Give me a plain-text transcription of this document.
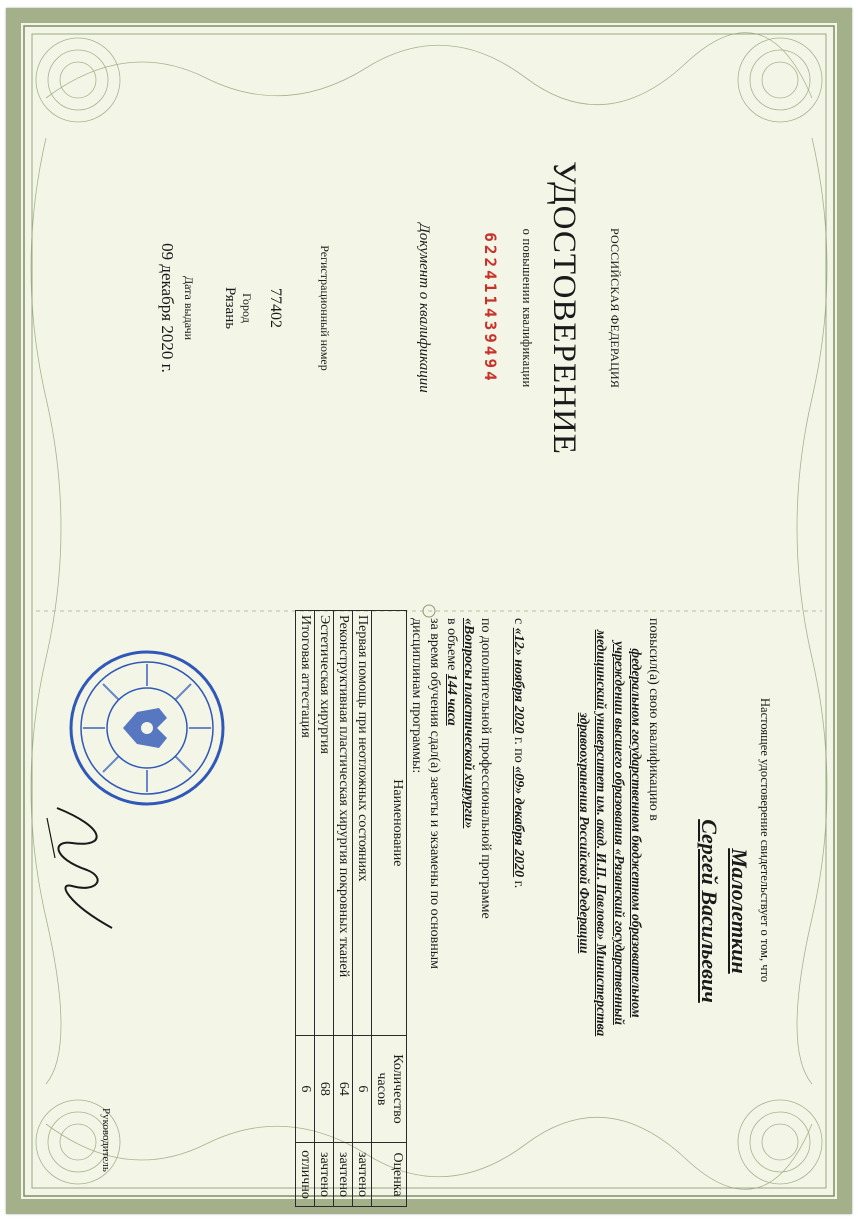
РОССИЙСКАЯ ФЕДЕРАЦИЯ
УДОСТОВЕРЕНИЕ
о повышении квалификации
622411439494
Документ о квалификации
Регистрационный номер
77402
Город
Рязань
Дата выдачи
09 декабря 2020 г.
Настоящее удостоверение свидетельствует о том, что
Малолеткин
Сергей Васильевич
повысил(а) свою квалификацию в
федеральном государственном бюджетном образовательном учреждении высшего образования «Рязанский государственный медицинский университет им. акад. И.П. Павлова» Министерства здравоохранения Российской Федерации
с «12» ноября 2020 г. по «09» декабря 2020 г.
по дополнительной профессиональной программе
«Вопросы пластической хирурги»
в объеме 144 часа
за время обучения сдал(а) зачеты и экзамены по основным дисциплинам программы:
Наименование	Количество часов	Оценка
Первая помощь при неотложных состояниях	6	зачтено
Реконструктивная пластическая хирургия покровных тканей	64	зачтено
Эстетическая хирургия	68	зачтено
Итоговая аттестация	6	отлично
Руководитель
